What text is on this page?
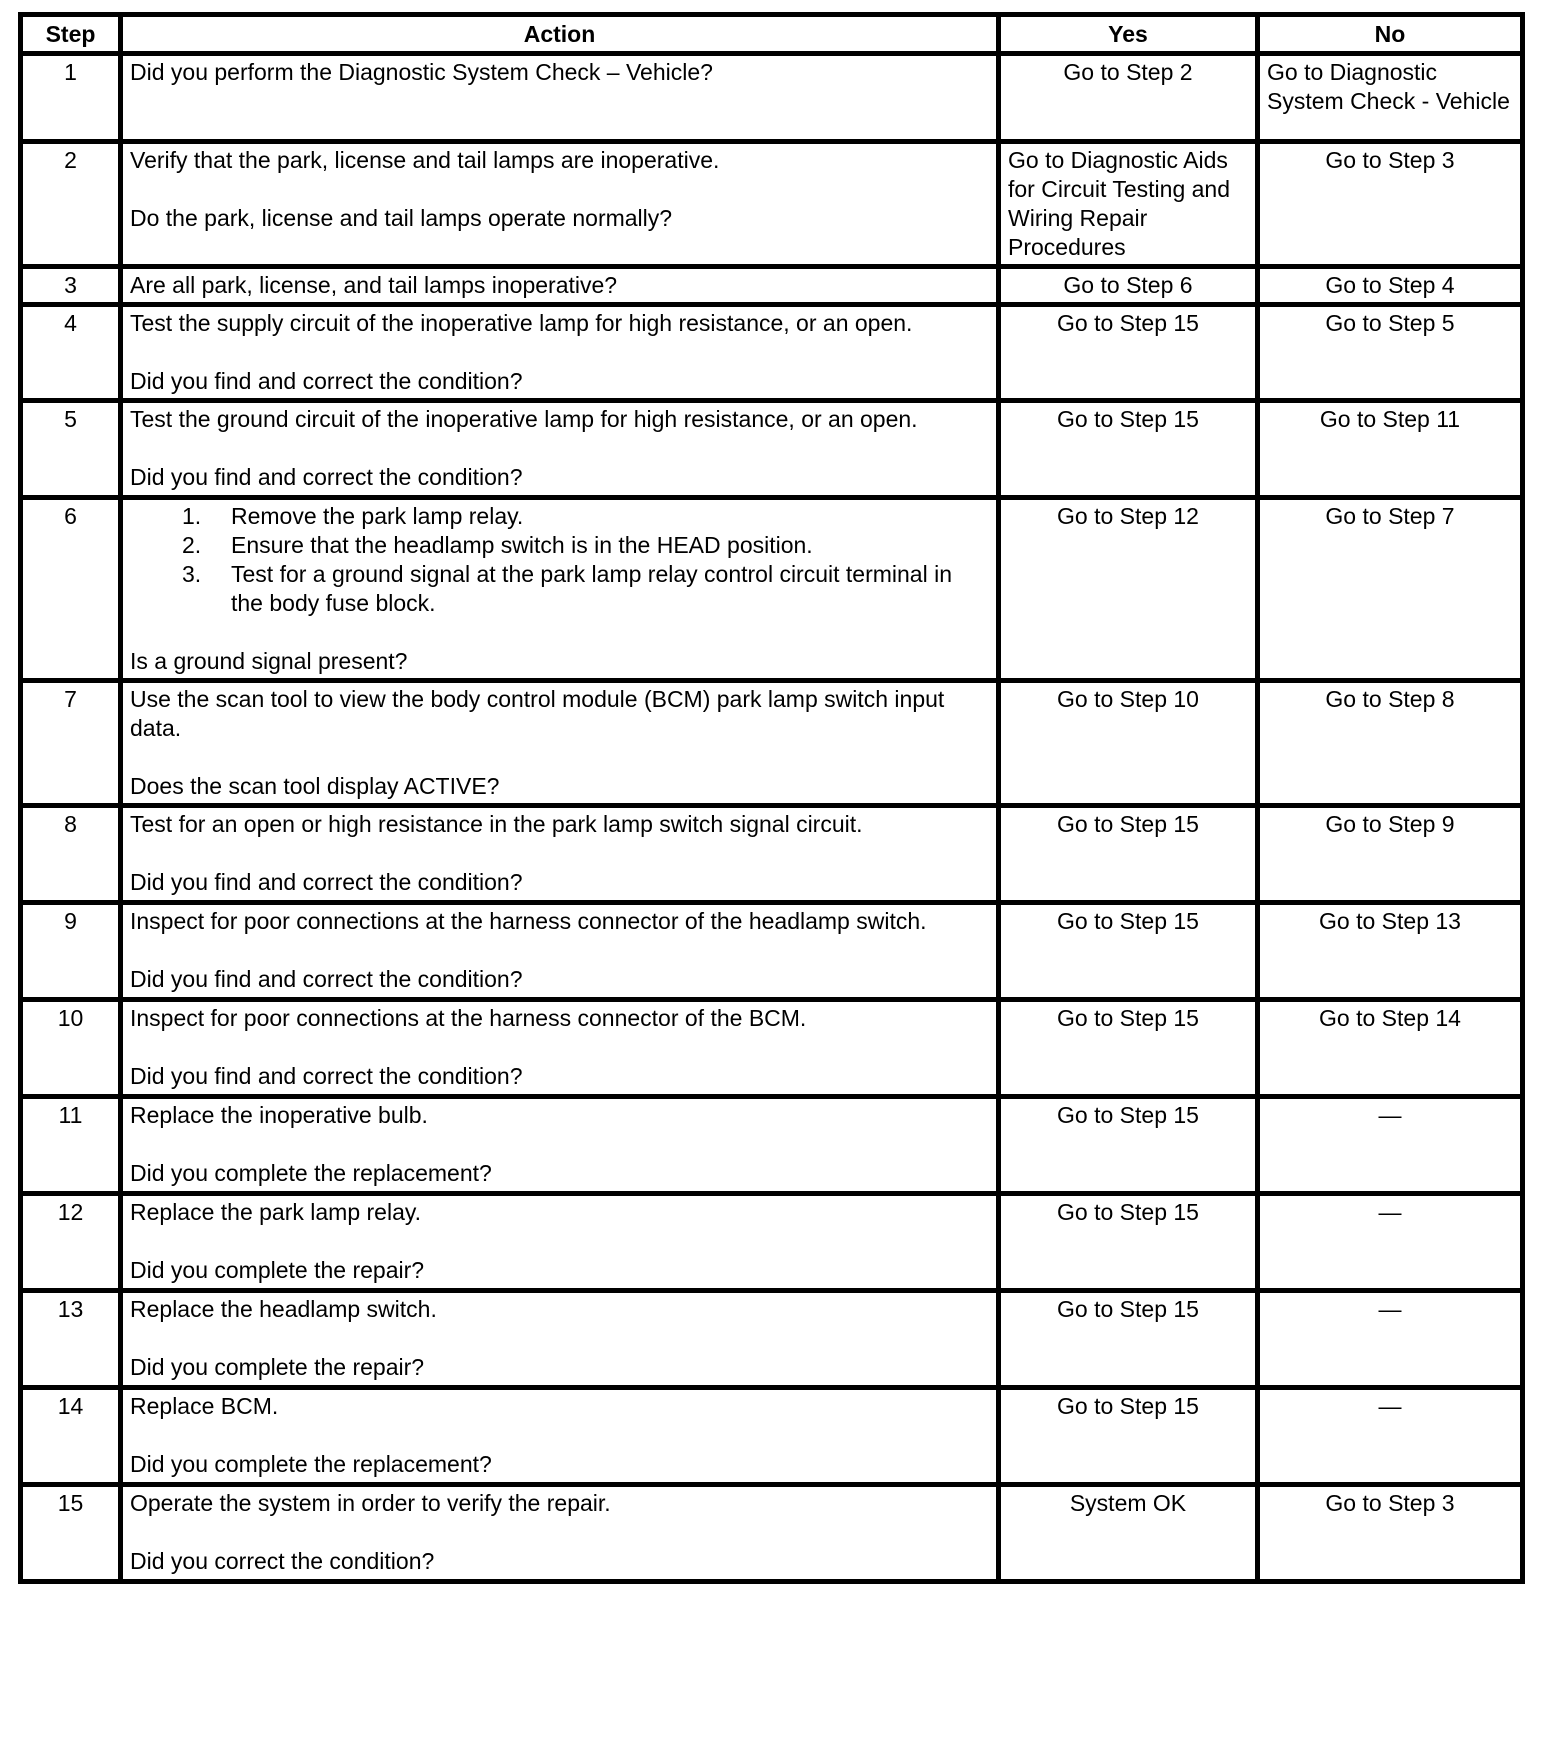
Step	Action	Yes	No
1	Did you perform the Diagnostic System Check – Vehicle?	Go to Step 2	Go to Diagnostic System Check - Vehicle
2	Verify that the park, license and tail lamps are inoperative.
Do the park, license and tail lamps operate normally?	Go to Diagnostic Aids for Circuit Testing and Wiring Repair Procedures	Go to Step 3
3	Are all park, license, and tail lamps inoperative?	Go to Step 6	Go to Step 4
4	Test the supply circuit of the inoperative lamp for high resistance, or an open.
Did you find and correct the condition?	Go to Step 15	Go to Step 5
5	Test the ground circuit of the inoperative lamp for high resistance, or an open.
Did you find and correct the condition?	Go to Step 15	Go to Step 11
6	1. Remove the park lamp relay.
2. Ensure that the headlamp switch is in the HEAD position.
3. Test for a ground signal at the park lamp relay control circuit terminal in the body fuse block.
Is a ground signal present?
	Go to Step 12	Go to Step 7
7	Use the scan tool to view the body control module (BCM) park lamp switch input data.
Does the scan tool display ACTIVE?	Go to Step 10	Go to Step 8
8	Test for an open or high resistance in the park lamp switch signal circuit.
Did you find and correct the condition?	Go to Step 15	Go to Step 9
9	Inspect for poor connections at the harness connector of the headlamp switch.
Did you find and correct the condition?	Go to Step 15	Go to Step 13
10	Inspect for poor connections at the harness connector of the BCM.
Did you find and correct the condition?	Go to Step 15	Go to Step 14
11	Replace the inoperative bulb.
Did you complete the replacement?	Go to Step 15	—
12	Replace the park lamp relay.
Did you complete the repair?	Go to Step 15	—
13	Replace the headlamp switch.
Did you complete the repair?	Go to Step 15	—
14	Replace BCM.
Did you complete the replacement?	Go to Step 15	—
15	Operate the system in order to verify the repair.
Did you correct the condition?	System OK	Go to Step 3
